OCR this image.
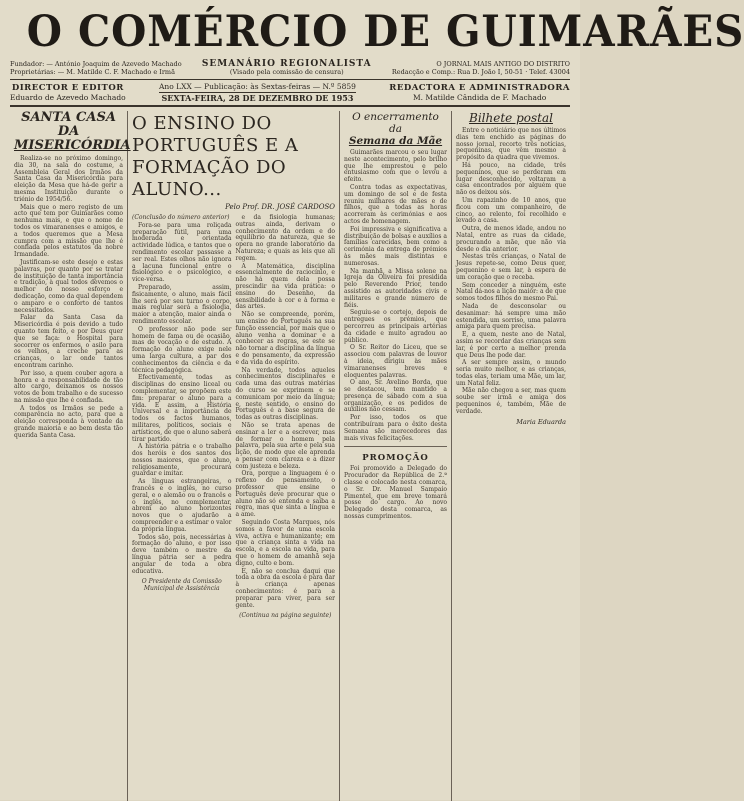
O COMÉRCIO DE GUIMARÃES
Fundador: — António Joaquim de Azevedo Machado
Proprietárias: — M. Matilde C. F. Machado e Irmã
SEMANÁRIO REGIONALISTA
(Visado pela comissão de censura)
O JORNAL MAIS ANTIGO DO DISTRITO
Redacção e Comp.: Rua D. João I, 50-51 · Telef. 43004
DIRECTOR E EDITOR
Eduardo de Azevedo Machado
Ano LXX — Publicação: às Sextas-feiras — N.º 5859
SEXTA-FEIRA, 28 DE DEZEMBRO DE 1953
REDACTORA E ADMINISTRADORA
M. Matilde Cândida de F. Machado
SANTA CASA DA
MISERICÓRDIA

Realiza-se no próximo domingo, dia 30, na sala do costume, a Assembleia Geral dos Irmãos da Santa Casa da Misericórdia para eleição da Mesa que há-de gerir a mesma Instituição durante o triénio de 1954/56.

Mais que o mero registo de um acto que tem por Guimarães como nenhuma mais, e que o nome de todos os vimaranenses e amigos, e a todos queremos que a Mesa cumpra com a missão que lhe é confiada pelos estatutos da nobre Irmandade.

Justificam-se este desejo e estas palavras, por quanto por se tratar de instituição de tanta importância e tradição, à qual todos devemos o melhor do nosso esforço e dedicação, como da qual dependem o amparo e o conforto de tantos necessitados.

Falar da Santa Casa da Misericórdia é pois devido a tudo quanto tem feito, e por Deus quer que se faça: o Hospital para socorrer os enfermos, o asilo para os velhos, a creche para as crianças, o lar onde tantos encontram carinho.

Por isso, a quem couber agora a honra e a responsabilidade de tão alto cargo, deixamos os nossos votos de bom trabalho e de sucesso na missão que lhe é confiada.

A todos os Irmãos se pede a comparência no acto, para que a eleição corresponda à vontade da grande maioria e ao bem desta tão querida Santa Casa.

O ENSINO DO PORTUGUÊS E A FORMAÇÃO DO ALUNO...
Pelo Prof. DR. JOSÉ CARDOSO

(Conclusão do número anterior)

Fora-se para uma roliçada preparação fútil, para uma moderada e orientada actividade lúdica, e tantos que o rendimento escolar passasse a ser real. Estes olhos não ignora a lacuna funcional entre o fisiológico e o psicológico, e vice-versa.

Preparado, assim, fisicamente, o aluno, mais fácil lhe será por seu turno o corpo, mais regular será a fisiologia, maior a atenção, maior ainda o rendimento escolar.

O professor não pode ser homem de fama ou de ocasião, mas de vocação e de estudo. A formação do aluno exige nele uma larga cultura, a par dos conhecimentos da ciência e da técnica pedagógica.

Efectivamente, todas as disciplinas do ensino liceal ou complementar, se propõem este fim: preparar o aluno para a vida. E assim, a História Universal e a importância de todos os factos humanos, militares, políticos, sociais e artísticos, de que o aluno saberá tirar partido.

A história pátria e o trabalho dos heróis e dos santos dos nossos maiores, que o aluno, religiosamente, procurará guardar e imitar.

As línguas estrangeiras, o francês e o inglês, no curso geral, e o alemão ou o francês e o inglês, no complementar, abrem ao aluno horizontes novos que o ajudarão a compreender e a estimar o valor da própria língua.

Todos são, pois, necessárias à formação do aluno, e por isso deve também o mestre da língua pátria ser a pedra angular de toda a obra educativa.

O Presidente da Comissão Municipal de Assistência

e da fisiologia humanas; outras ainda, derivam o conhecimento da ordem e do equilíbrio da natureza, que se opera no grande laboratório da Natureza; e quais as leis que ali regem.

A Matemática, disciplina essencialmente de raciocínio, e não há quem dela possa prescindir na vida prática: o ensino do Desenho, da sensibilidade à cor e à forma e das artes.

Não se compreende, porém, um ensino do Português na sua função essencial, por mais que o aluno venha a dominar e a conhecer as regras, se este se não tornar a disciplina da língua e do pensamento, da expressão e da vida do espírito.

Na verdade, todos aqueles conhecimentos disciplinares e cada uma das outras matérias do curso se exprimem e se comunicam por meio da língua; e, neste sentido, o ensino do Português é a base segura de todas as outras disciplinas.

Não se trata apenas de ensinar a ler e a escrever, mas de formar o homem pela palavra, pela sua arte e pela sua lição, de modo que ele aprenda a pensar com clareza e a dizer com justeza e beleza.

Ora, porque a linguagem é o reflexo do pensamento, o professor que ensine o Português deve procurar que o aluno não só entenda e saiba a regra, mas que sinta a língua e a ame.

Seguindo Costa Marques, nós somos a favor de uma escola viva, activa e humanizante; em que a criança sinta a vida na escola, e a escola na vida, para que o homem de amanhã seja digno, culto e bom.

E, não se conclua daqui que toda a obra da escola é para dar à criança apenas conhecimentos: é para a preparar para viver, para ser gente.

(Continua na página seguinte)
O encerramento da
Semana da Mãe

Guimarães marcou o seu lugar neste acontecimento, pelo brilho que lhe emprestou e pelo entusiasmo com que o levou a efeito.

Contra todas as expectativas, um domingo de sol e de festa reuniu milhares de mães e de filhos, que a todas as horas acorreram às cerimónias e aos actos de homenagem.

Foi impressiva e significativa a distribuição de bolsas e auxílios a famílias carecidas, bem como a cerimónia da entrega de prémios às mães mais distintas e numerosas.

Na manhã, a Missa solene na Igreja da Oliveira foi presidida pelo Reverendo Prior, tendo assistido as autoridades civis e militares e grande número de fiéis.

Seguiu-se o cortejo, depois de entregues os prémios, que percorreu as principais artérias da cidade e muito agradou ao público.

O Sr. Reitor do Liceu, que se associou com palavras de louvor à ideia, dirigiu às mães vimaranenses breves e eloquentes palavras.

O ano, Sr. Avelino Borda, que se destacou, tem mantido a presença de sábado com a sua organização, e os pedidos de auxílios não cessam.

Por isso, todos os que contribuíram para o êxito desta Semana são merecedores das mais vivas felicitações.

PROMOÇÃO

Foi promovido a Delegado do Procurador da República de 2.ª classe e colocado nesta comarca, o Sr. Dr. Manuel Sampaio Pimentel, que em breve tomará posse do cargo. Ao novo Delegado desta comarca, as nossas cumprimentos.

Bilhete postal

Entre o noticiário que nos últimos dias tem enchido as páginas do nosso jornal, recorto três notícias, pequeninas, que vêm mesmo a propósito da quadra que vivemos.

Há pouco, na cidade, três pequeninos, que se perderam em lugar desconhecido, voltaram a casa encontrados por alguém que não os deixou sós.

Um rapazinho de 10 anos, que ficou com um companheiro, de cinco, ao relento, foi recolhido e levado a casa.

Outra, de menos idade, andou no Natal, entre as ruas da cidade, procurando a mãe, que não via desde o dia anterior.

Nestas três crianças, o Natal de Jesus repete-se, como Deus quer, pequenino e sem lar, à espera de um coração que o receba.

Sem conceder a ninguém, este Natal dá-nos a lição maior: a de que somos todos filhos do mesmo Pai.

Nada de desconsolar ou desanimar: há sempre uma mão estendida, um sorriso, uma palavra amiga para quem precisa.

E, a quem, neste ano de Natal, assim se recordar das crianças sem lar, é por certo a melhor prenda que Deus lhe pode dar.

A ser sempre assim, o mundo seria muito melhor, e as crianças, todas elas, teriam uma Mãe, um lar, um Natal feliz.

Mãe não chegou a ser, mas quem soube ser irmã e amiga dos pequeninos é, também, Mãe de verdade.

Maria Eduarda
